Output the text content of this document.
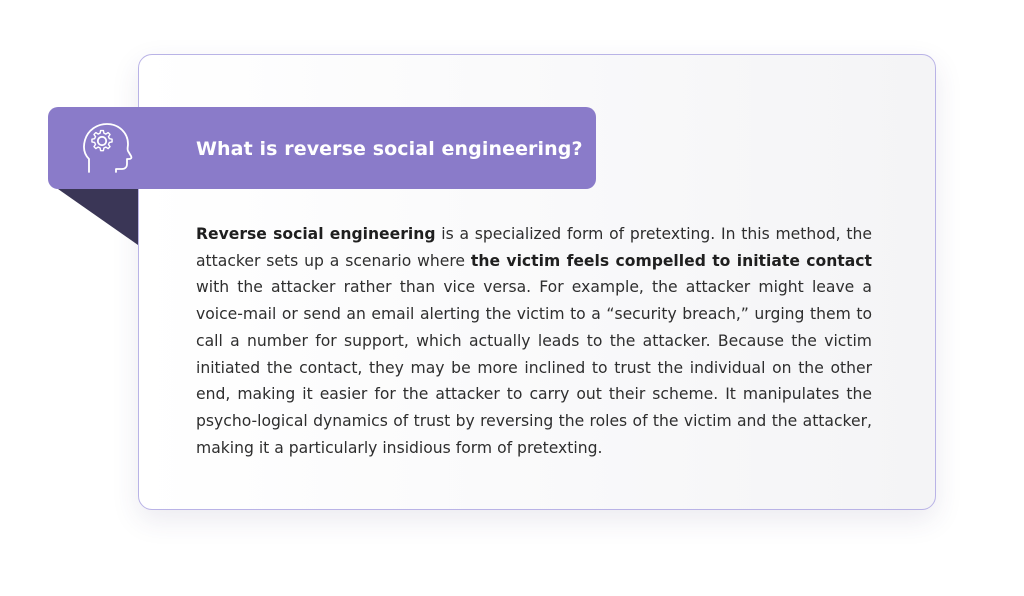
What is reverse social engineering?

Reverse social engineering is a specialized form of pretexting. In this method, the attacker sets up a scenario where the victim feels compelled to initiate contact with the attacker rather than vice versa. For example, the attacker might leave a voice-mail or send an email alerting the victim to a “security breach,” urging them to call a number for support, which actually leads to the attacker. Because the victim initiated the contact, they may be more inclined to trust the individual on the other end, making it easier for the attacker to carry out their scheme. It manipulates the psycho-logical dynamics of trust by reversing the roles of the victim and the attacker, making it a particularly insidious form of pretexting.
